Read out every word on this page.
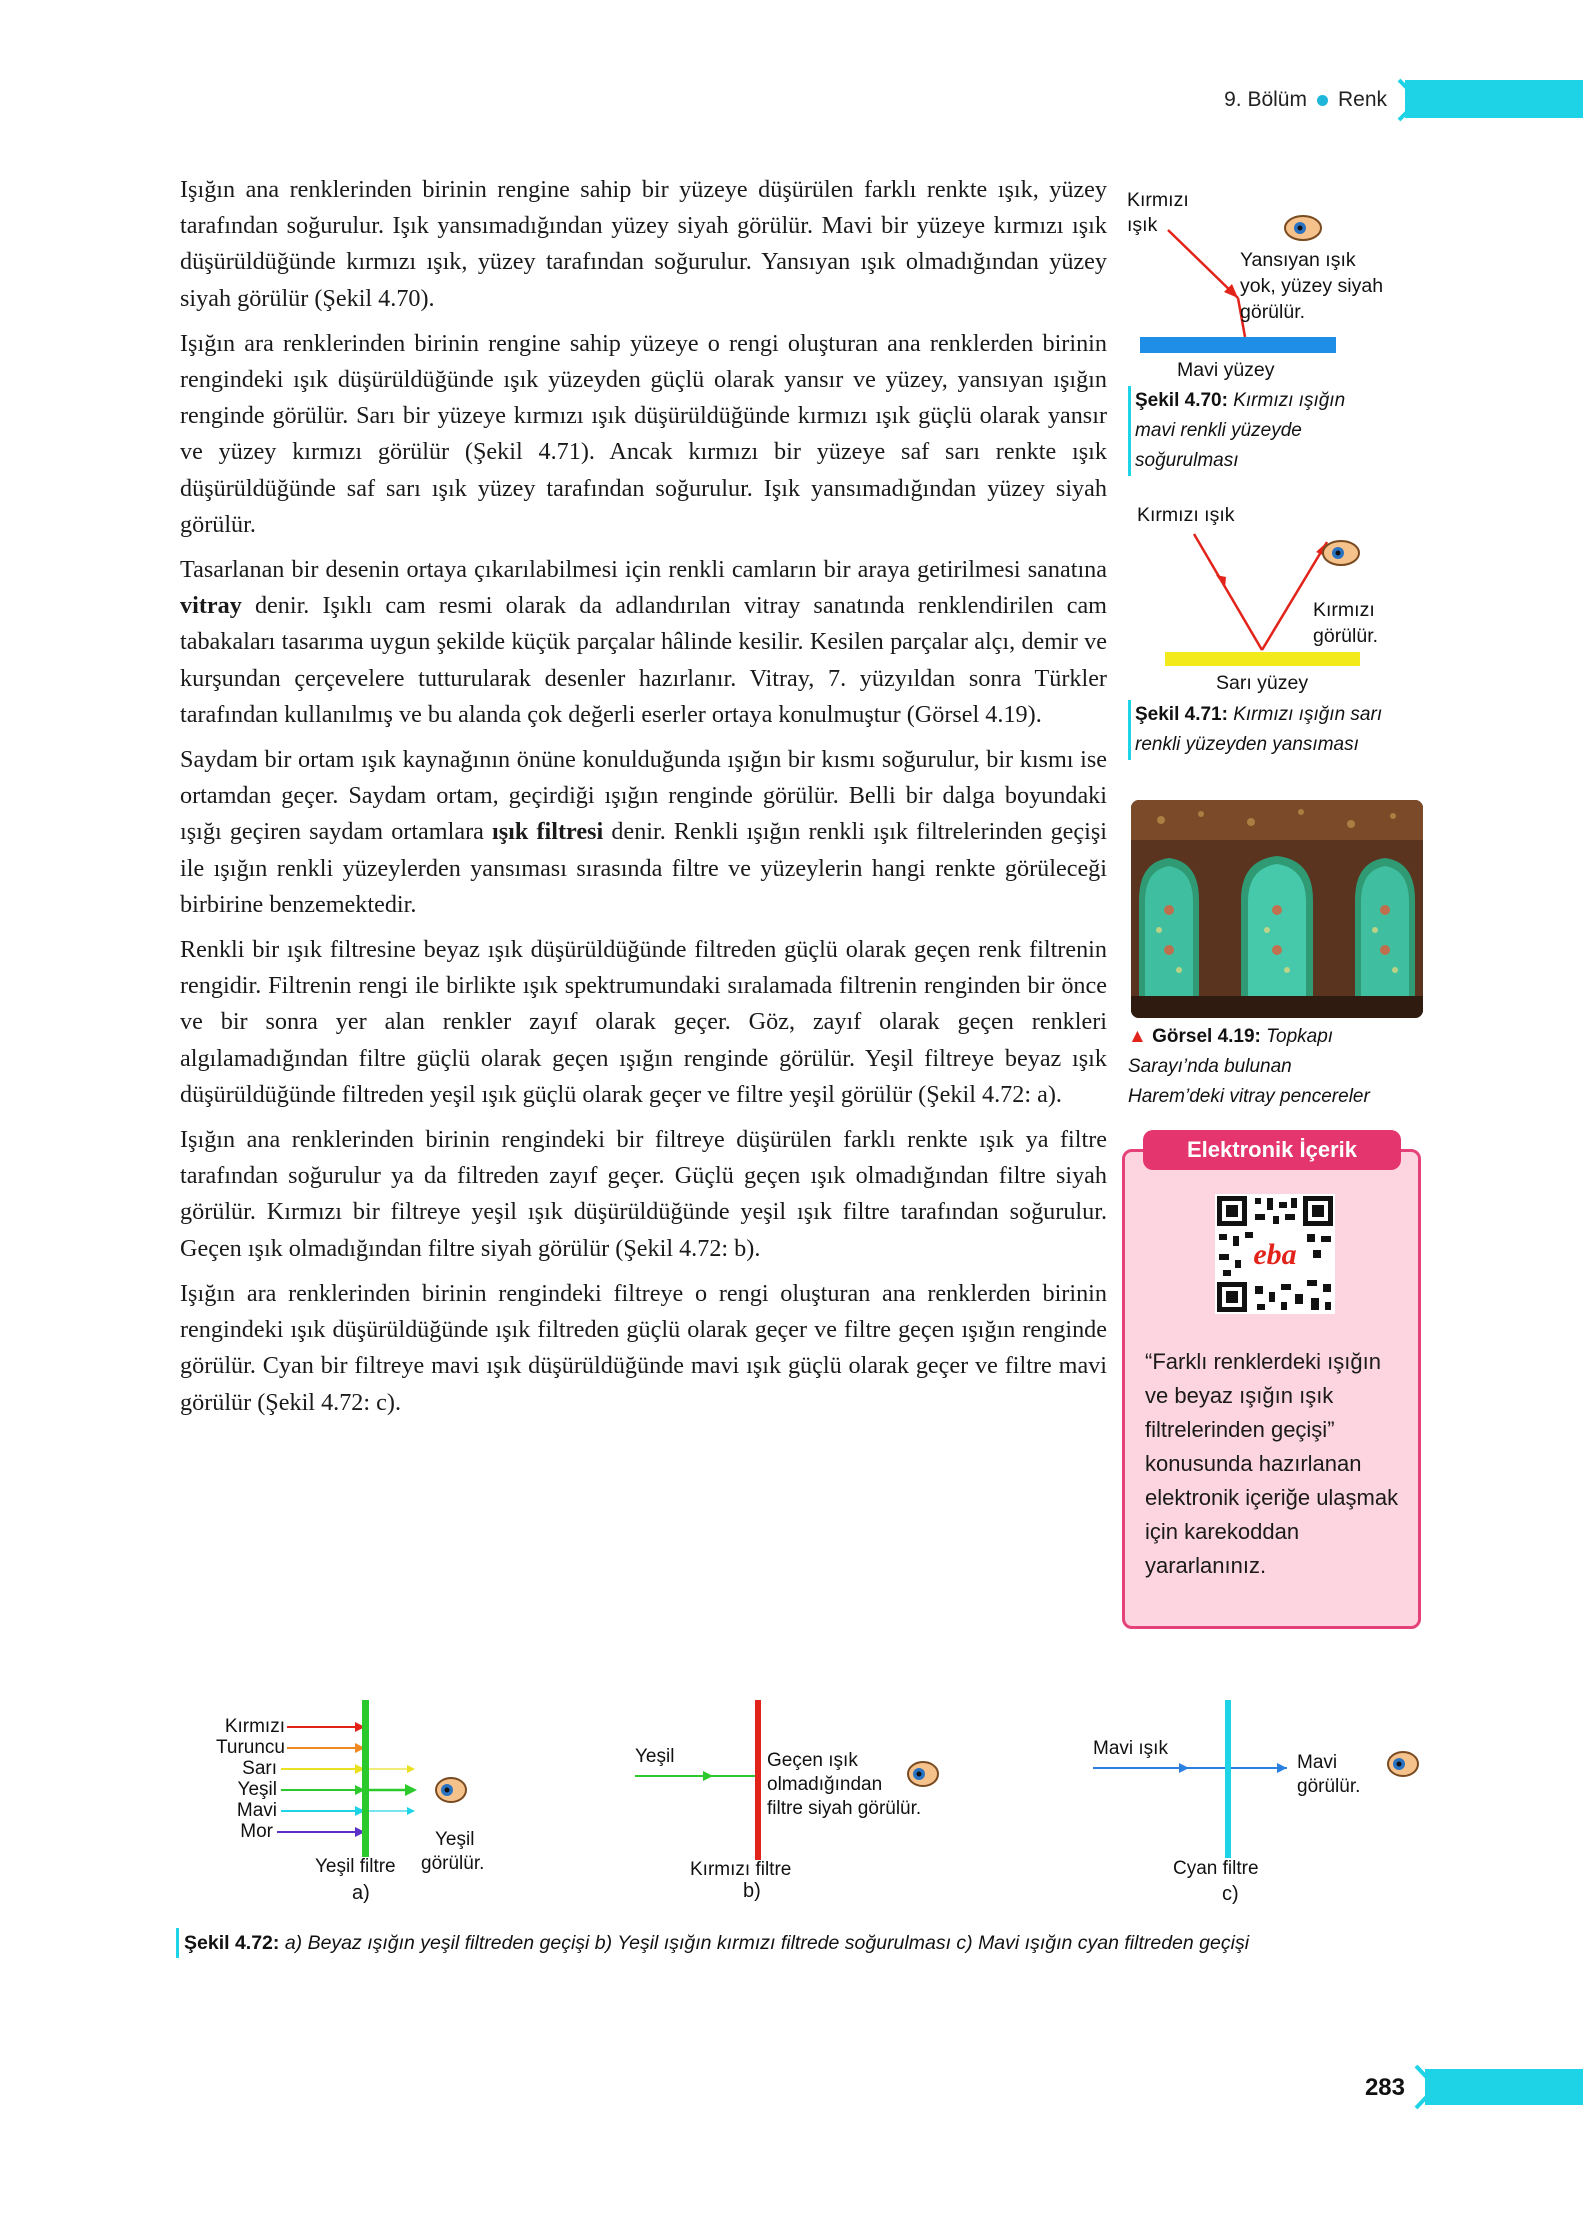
9. Bölüm Renk

Işığın ana renklerinden birinin rengine sahip bir yüzeye düşürülen farklı renkte ışık, yüzey tarafından soğurulur. Işık yansımadığından yüzey siyah görülür. Mavi bir yüzeye kırmızı ışık düşürüldüğünde kırmızı ışık, yüzey tarafından soğurulur. Yansıyan ışık olmadığından yüzey siyah görülür (Şekil 4.70).

Işığın ara renklerinden birinin rengine sahip yüzeye o rengi oluşturan ana renklerden birinin rengindeki ışık düşürüldüğünde ışık yüzeyden güçlü olarak yansır ve yüzey, yansıyan ışığın renginde görülür. Sarı bir yüzeye kırmızı ışık düşürüldüğünde kırmızı ışık güçlü olarak yansır ve yüzey kırmızı görülür (Şekil 4.71). Ancak kırmızı bir yüzeye saf sarı renkte ışık düşürüldüğünde saf sarı ışık yüzey tarafından soğurulur. Işık yansımadığından yüzey siyah görülür.

Tasarlanan bir desenin ortaya çıkarılabilmesi için renkli camların bir araya getirilmesi sanatına vitray denir. Işıklı cam resmi olarak da adlandırılan vitray sanatında renklendirilen cam tabakaları tasarıma uygun şekilde küçük parçalar hâlinde kesilir. Kesilen parçalar alçı, demir ve kurşundan çerçevelere tutturularak desenler hazırlanır. Vitray, 7. yüzyıldan sonra Türkler tarafından kullanılmış ve bu alanda çok değerli eserler ortaya konulmuştur (Görsel 4.19).

Saydam bir ortam ışık kaynağının önüne konulduğunda ışığın bir kısmı soğurulur, bir kısmı ise ortamdan geçer. Saydam ortam, geçirdiği ışığın renginde görülür. Belli bir dalga boyundaki ışığı geçiren saydam ortamlara ışık filtresi denir. Renkli ışığın renkli ışık filtrelerinden geçişi ile ışığın renkli yüzeylerden yansıması sırasında filtre ve yüzeylerin hangi renkte görüleceği birbirine benzemektedir.

Renkli bir ışık filtresine beyaz ışık düşürüldüğünde filtreden güçlü olarak geçen renk filtrenin rengidir. Filtrenin rengi ile birlikte ışık spektrumundaki sıralamada filtrenin renginden bir önce ve bir sonra yer alan renkler zayıf olarak geçer. Göz, zayıf olarak geçen renkleri algılamadığından filtre güçlü olarak geçen ışığın renginde görülür. Yeşil filtreye beyaz ışık düşürüldüğünde filtreden yeşil ışık güçlü olarak geçer ve filtre yeşil görülür (Şekil 4.72: a).

Işığın ana renklerinden birinin rengindeki bir filtreye düşürülen farklı renkte ışık ya filtre tarafından soğurulur ya da filtreden zayıf geçer. Güçlü geçen ışık olmadığından filtre siyah görülür. Kırmızı bir filtreye yeşil ışık düşürüldüğünde yeşil ışık filtre tarafından soğurulur. Geçen ışık olmadığından filtre siyah görülür (Şekil 4.72: b).

Işığın ara renklerinden birinin rengindeki filtreye o rengi oluşturan ana renklerden birinin rengindeki ışık düşürüldüğünde ışık filtreden güçlü olarak geçer ve filtre geçen ışığın renginde görülür. Cyan bir filtreye mavi ışık düşürüldüğünde mavi ışık güçlü olarak geçer ve filtre mavi görülür (Şekil 4.72: c).

Kırmızı
ışık
Yansıyan ışık
yok, yüzey siyah
görülür.
Mavi yüzey
Şekil 4.70: Kırmızı ışığın
mavi renkli yüzeyde
soğurulması
Kırmızı ışık
Kırmızı
görülür.
Sarı yüzey
Şekil 4.71: Kırmızı ışığın sarı
renkli yüzeyden yansıması
▲ Görsel 4.19: Topkapı
Sarayı’nda bulunan
Harem’deki vitray pencereler
Elektronik İçerik
eba
“Farklı renklerdeki ışığın ve beyaz ışığın ışık filtrelerinden geçişi” konusunda hazırlanan elektronik içeriğe ulaşmak için karekoddan yararlanınız.
Kırmızı
Turuncu
Sarı
Yeşil
Mavi
Mor	Yeşil
görülür.
Yeşil filtre
a)
Yeşil	Geçen ışık
olmadığından
filtre siyah görülür.
Kırmızı filtre
b)
Mavi ışık
Mavi
görülür.
Cyan filtre
c)
Şekil 4.72: a) Beyaz ışığın yeşil filtreden geçişi b) Yeşil ışığın kırmızı filtrede soğurulması c) Mavi ışığın cyan filtreden geçişi
283
